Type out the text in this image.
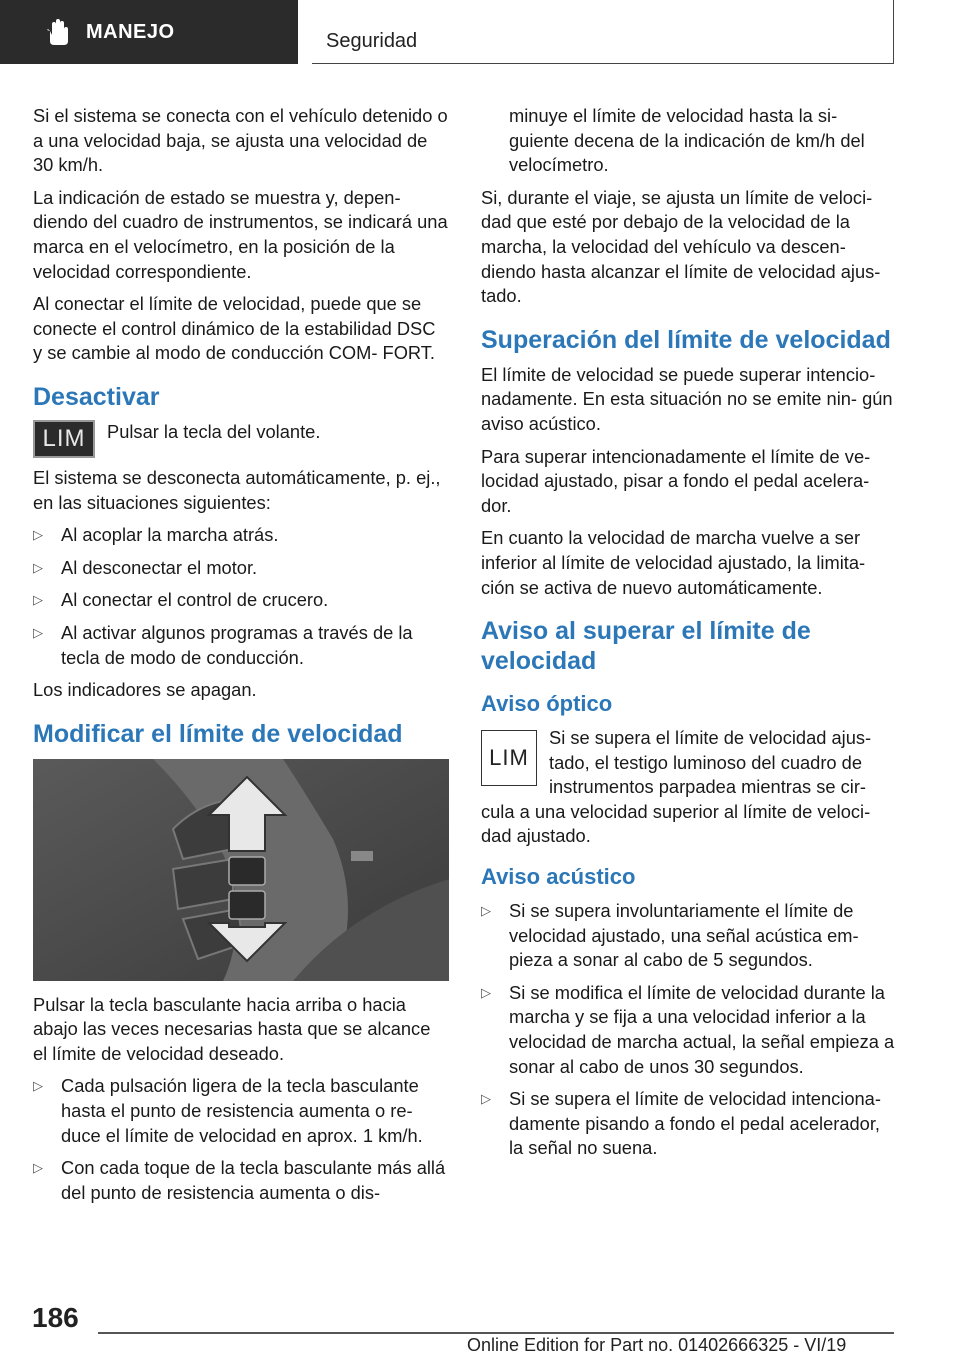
MANEJO	Seguridad

Si el sistema se conecta con el vehículo detenido o a una velocidad baja, se ajusta una velocidad de 30 km/h.

La indicación de estado se muestra y, depen‐ diendo del cuadro de instrumentos, se indicará una marca en el velocímetro, en la posición de la velocidad correspondiente.

Al conectar el límite de velocidad, puede que se conecte el control dinámico de la estabilidad DSC y se cambie al modo de conducción COM‐ FORT.

Desactivar
LIM	Pulsar la tecla del volante.

El sistema se desconecta automáticamente, p. ej., en las situaciones siguientes:

▷ Al acoplar la marcha atrás.
▷ Al desconectar el motor.
▷ Al conectar el control de crucero.
▷ Al activar algunos programas a través de la tecla de modo de conducción.

Los indicadores se apagan.

Modificar el límite de velocidad

Pulsar la tecla basculante hacia arriba o hacia abajo las veces necesarias hasta que se alcance el límite de velocidad deseado.

▷ Cada pulsación ligera de la tecla basculante hasta el punto de resistencia aumenta o re‐ duce el límite de velocidad en aprox. 1 km/h.
▷ Con cada toque de la tecla basculante más allá del punto de resistencia aumenta o dis‐
minuye el límite de velocidad hasta la si‐ guiente decena de la indicación de km/h del velocímetro.

Si, durante el viaje, se ajusta un límite de veloci‐ dad que esté por debajo de la velocidad de la marcha, la velocidad del vehículo va descen‐ diendo hasta alcanzar el límite de velocidad ajus‐ tado.

Superación del límite de velocidad

El límite de velocidad se puede superar intencio‐ nadamente. En esta situación no se emite nin‐ gún aviso acústico.

Para superar intencionadamente el límite de ve‐ locidad ajustado, pisar a fondo el pedal acelera‐ dor.

En cuanto la velocidad de marcha vuelve a ser inferior al límite de velocidad ajustado, la limita‐ ción se activa de nuevo automáticamente.

Aviso al superar el límite de velocidad
Aviso óptico
LIM
Si se supera el límite de velocidad ajus‐ tado, el testigo luminoso del cuadro de instrumentos parpadea mientras se cir‐ cula a una velocidad superior al límite de veloci‐ dad ajustado.
Aviso acústico
▷ Si se supera involuntariamente el límite de velocidad ajustado, una señal acústica em‐ pieza a sonar al cabo de 5 segundos.
▷ Si se modifica el límite de velocidad durante la marcha y se fija a una velocidad inferior a la velocidad de marcha actual, la señal empieza a sonar al cabo de unos 30 segundos.
▷ Si se supera el límite de velocidad intenciona‐ damente pisando a fondo el pedal acelerador, la señal no suena.
186
Online Edition for Part no. 01402666325 - VI/19
